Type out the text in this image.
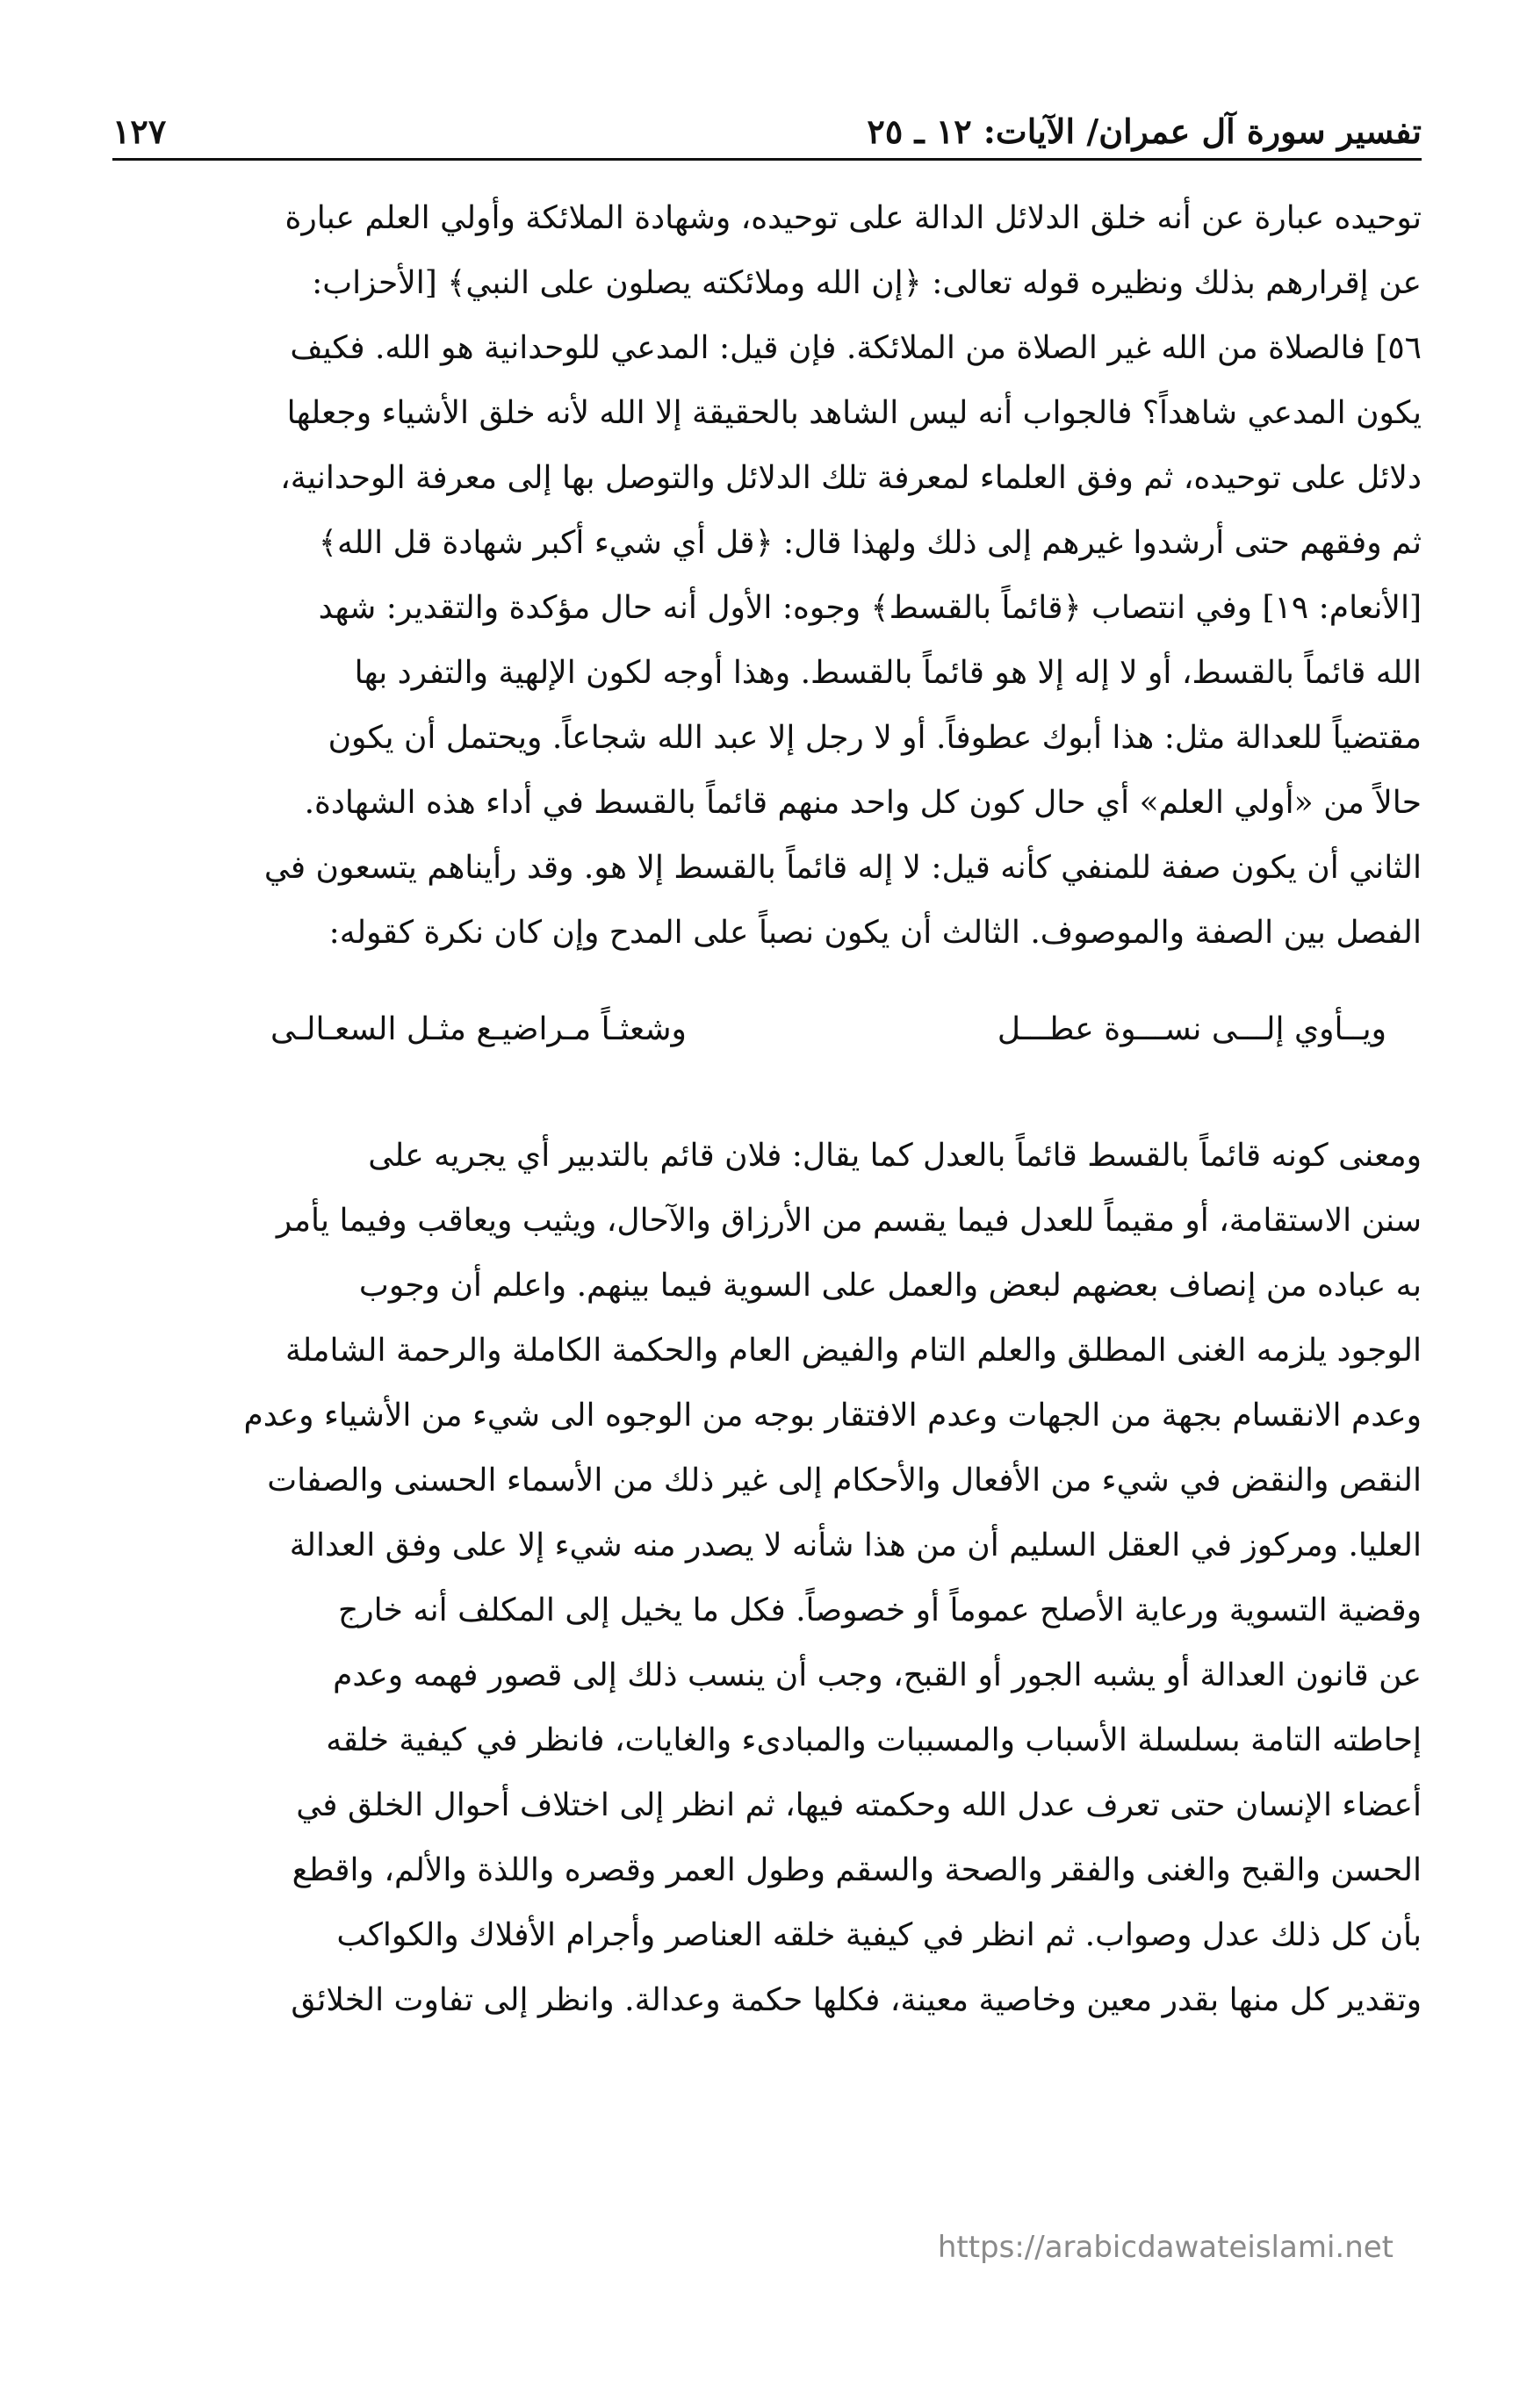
تفسير سورة آل عمران/ الآيات: ١٢ ـ ٢٥
١٢٧
توحيده عبارة عن أنه خلق الدلائل الدالة على توحيده، وشهادة الملائكة وأولي العلم عبارة
عن إقرارهم بذلك ونظيره قوله تعالى: ﴿إن الله وملائكته يصلون على النبي﴾ [الأحزاب:
٥٦] فالصلاة من الله غير الصلاة من الملائكة. فإن قيل: المدعي للوحدانية هو الله. فكيف
يكون المدعي شاهداً؟ فالجواب أنه ليس الشاهد بالحقيقة إلا الله لأنه خلق الأشياء وجعلها
دلائل على توحيده، ثم وفق العلماء لمعرفة تلك الدلائل والتوصل بها إلى معرفة الوحدانية،
ثم وفقهم حتى أرشدوا غيرهم إلى ذلك ولهذا قال: ﴿قل أي شيء أكبر شهادة قل الله﴾
[الأنعام: ١٩] وفي انتصاب ﴿قائماً بالقسط﴾ وجوه: الأول أنه حال مؤكدة والتقدير: شهد
الله قائماً بالقسط، أو لا إله إلا هو قائماً بالقسط. وهذا أوجه لكون الإلهية والتفرد بها
مقتضياً للعدالة مثل: هذا أبوك عطوفاً. أو لا رجل إلا عبد الله شجاعاً. ويحتمل أن يكون
حالاً من «أولي العلم» أي حال كون كل واحد منهم قائماً بالقسط في أداء هذه الشهادة.
الثاني أن يكون صفة للمنفي كأنه قيل: لا إله قائماً بالقسط إلا هو. وقد رأيناهم يتسعون في
الفصل بين الصفة والموصوف. الثالث أن يكون نصباً على المدح وإن كان نكرة كقوله:
ويــأوي إلـــى نســـوة عطـــل
وشعثـاً مـراضيـع مثـل السعـالـى
ومعنى كونه قائماً بالقسط قائماً بالعدل كما يقال: فلان قائم بالتدبير أي يجريه على
سنن الاستقامة، أو مقيماً للعدل فيما يقسم من الأرزاق والآحال، ويثيب ويعاقب وفيما يأمر
به عباده من إنصاف بعضهم لبعض والعمل على السوية فيما بينهم. واعلم أن وجوب
الوجود يلزمه الغنى المطلق والعلم التام والفيض العام والحكمة الكاملة والرحمة الشاملة
وعدم الانقسام بجهة من الجهات وعدم الافتقار بوجه من الوجوه الى شيء من الأشياء وعدم
النقص والنقض في شيء من الأفعال والأحكام إلى غير ذلك من الأسماء الحسنى والصفات
العليا. ومركوز في العقل السليم أن من هذا شأنه لا يصدر منه شيء إلا على وفق العدالة
وقضية التسوية ورعاية الأصلح عموماً أو خصوصاً. فكل ما يخيل إلى المكلف أنه خارج
عن قانون العدالة أو يشبه الجور أو القبح، وجب أن ينسب ذلك إلى قصور فهمه وعدم
إحاطته التامة بسلسلة الأسباب والمسببات والمبادىء والغايات، فانظر في كيفية خلقه
أعضاء الإنسان حتى تعرف عدل الله وحكمته فيها، ثم انظر إلى اختلاف أحوال الخلق في
الحسن والقبح والغنى والفقر والصحة والسقم وطول العمر وقصره واللذة والألم، واقطع
بأن كل ذلك عدل وصواب. ثم انظر في كيفية خلقه العناصر وأجرام الأفلاك والكواكب
وتقدير كل منها بقدر معين وخاصية معينة، فكلها حكمة وعدالة. وانظر إلى تفاوت الخلائق
https://arabicdawateislami.net
